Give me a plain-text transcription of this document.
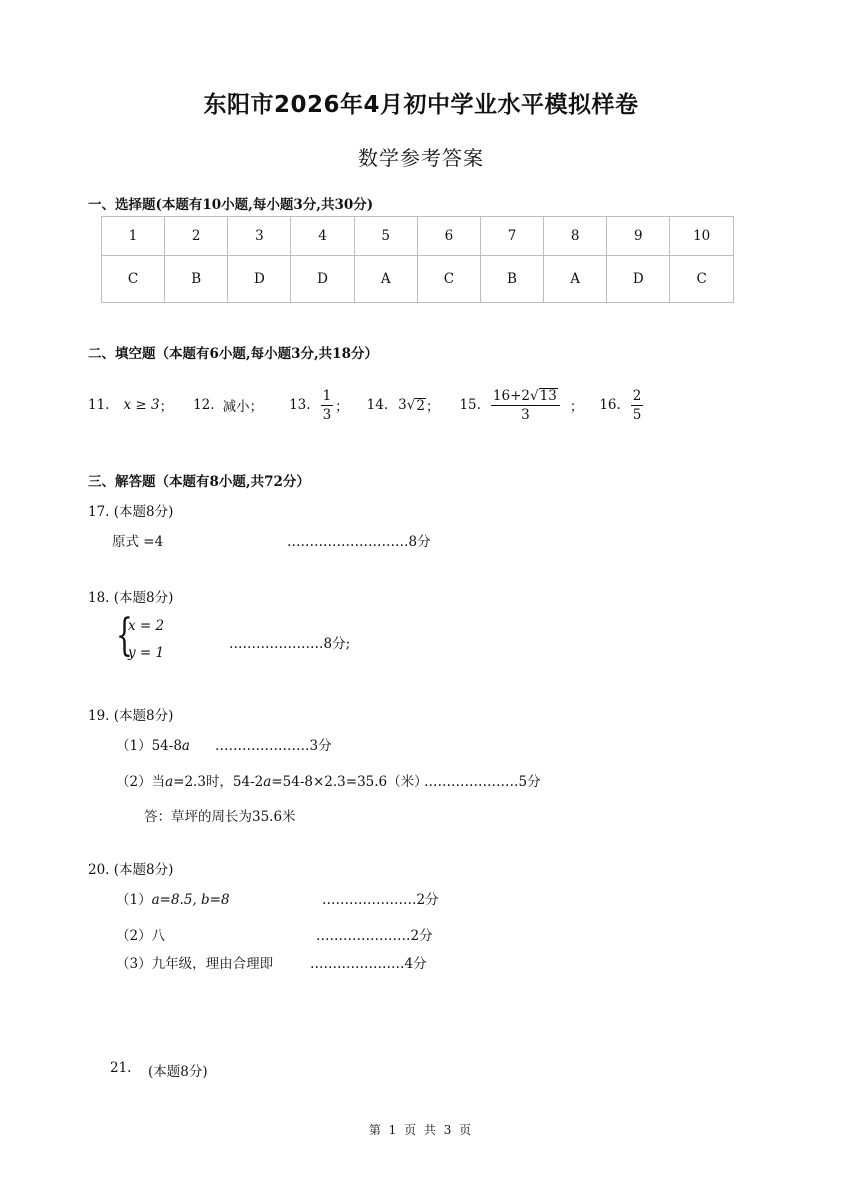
东阳市2026年4月初中学业水平模拟样卷
数学参考答案
一、选择题(本题有10小题,每小题3分,共30分)
1	2	3	4	5	6	7	8	9	10
C	B	D	D	A	C	B	A	D	C
二、填空题（本题有6小题,每小题3分,共18分）
11. x ≥ 3 ； 12. 减小 ； 13. $\frac{1}{3}$ ； 14. 3 √ 2 ； 15. $\frac{16+2√13}{3}$ ； 16. $\frac{2}{5}$
三、解答题（本题有8小题,共72分）
17. (本题8分)
原式 =4	………………………8分
18. (本题8分)
{
x = 2
y = 1
…………………8分;
19. (本题8分)
（1）54-8a …………………3分
（2）当a=2.3时，54-2a=54-8×2.3=35.6（米）
…………………5分
答：草坪的周长为35.6米
20. (本题8分)
（1）a=8.5, b=8	…………………2分
（2）八	…………………2分
（3）九年级，理由合理即	…………………4分
21. (本题8分)
第 1 页 共 3 页
